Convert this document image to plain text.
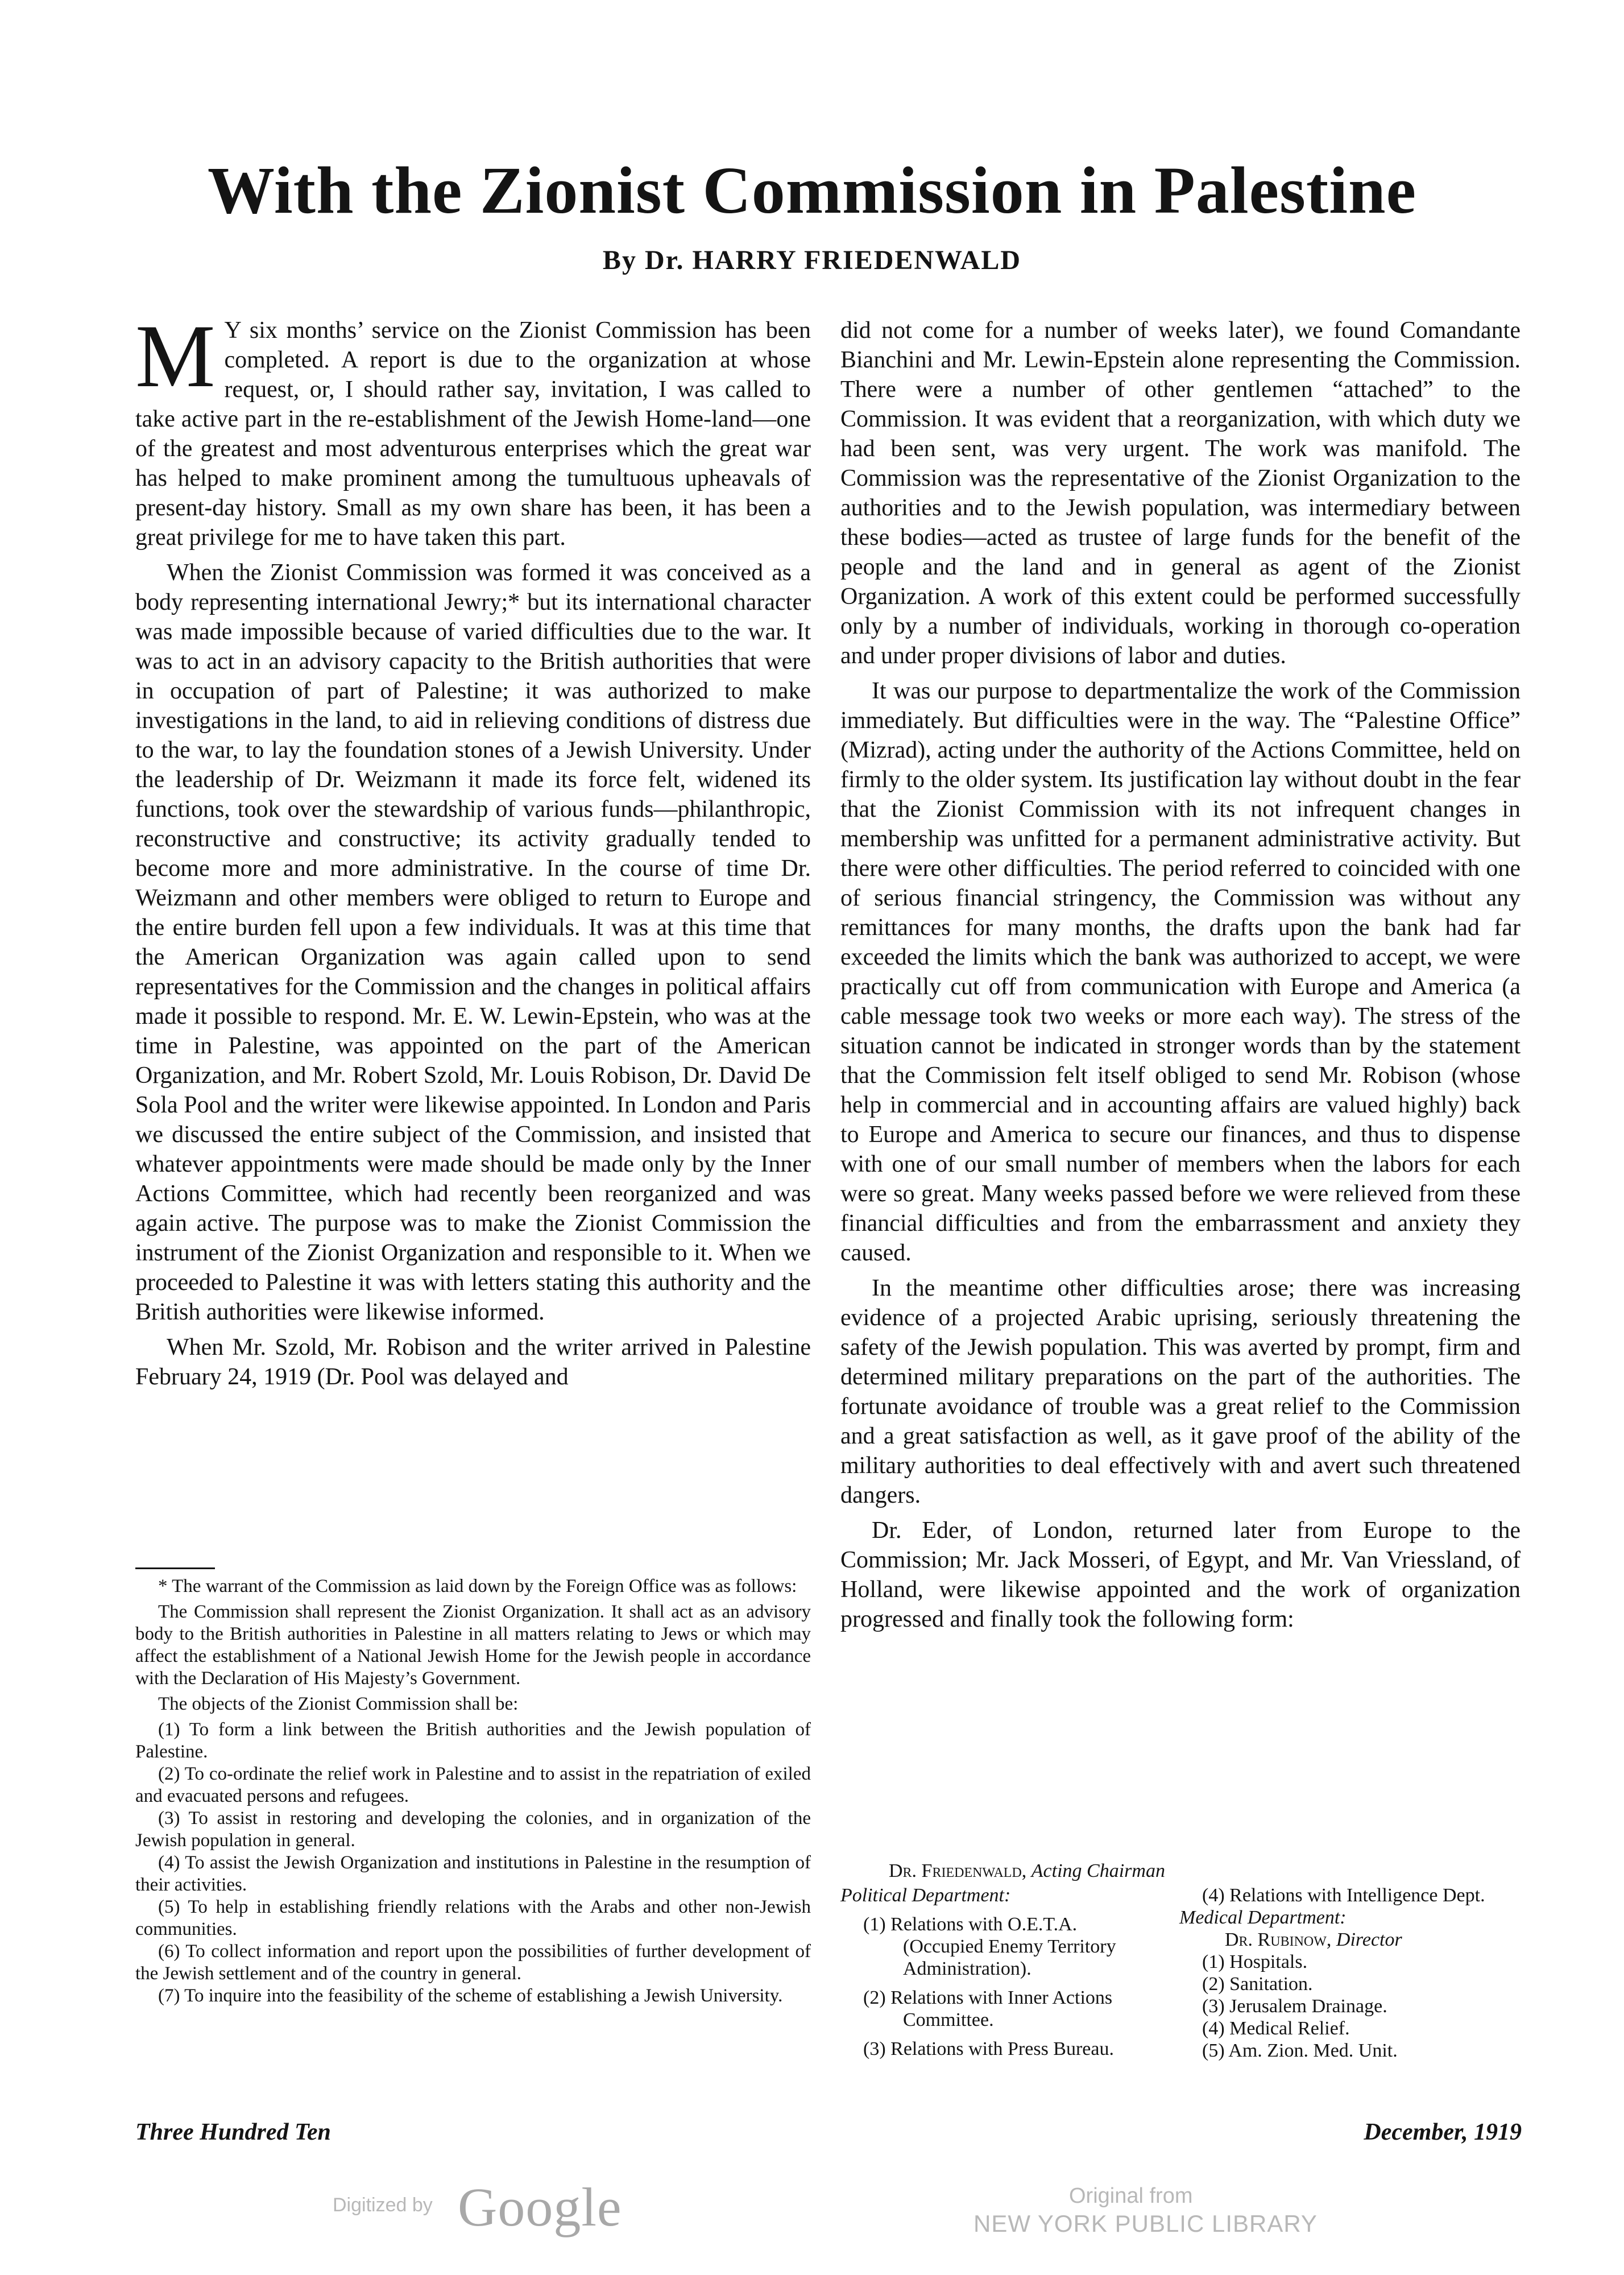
With the Zionist Commission in Palestine
By Dr. HARRY FRIEDENWALD

M Y six months’ service on the Zionist Commission has been completed. A report is due to the organization at whose request, or, I should rather say, invitation, I was called to take active part in the re-establishment of the Jewish Home-land—one of the greatest and most adventurous enterprises which the great war has helped to make prominent among the tumultuous upheavals of present-day history. Small as my own share has been, it has been a great privilege for me to have taken this part.

When the Zionist Commission was formed it was conceived as a body representing international Jewry;* but its international character was made impossible because of varied difficulties due to the war. It was to act in an advisory capacity to the British authorities that were in occupation of part of Palestine; it was authorized to make investigations in the land, to aid in relieving conditions of distress due to the war, to lay the foundation stones of a Jewish University. Under the leadership of Dr. Weizmann it made its force felt, widened its functions, took over the stewardship of various funds—philanthropic, reconstructive and constructive; its activity gradually tended to become more and more administrative. In the course of time Dr. Weizmann and other members were obliged to return to Europe and the entire burden fell upon a few individuals. It was at this time that the American Organization was again called upon to send representatives for the Commission and the changes in political affairs made it possible to respond. Mr. E. W. Lewin-Epstein, who was at the time in Palestine, was appointed on the part of the American Organization, and Mr. Robert Szold, Mr. Louis Robison, Dr. David De Sola Pool and the writer were likewise appointed. In London and Paris we discussed the entire subject of the Commission, and insisted that whatever appointments were made should be made only by the Inner Actions Committee, which had recently been reorganized and was again active. The purpose was to make the Zionist Commission the instrument of the Zionist Organization and responsible to it. When we proceeded to Palestine it was with letters stating this authority and the British authorities were likewise informed.

When Mr. Szold, Mr. Robison and the writer arrived in Palestine February 24, 1919 (Dr. Pool was delayed and

* The warrant of the Commission as laid down by the Foreign Office was as follows:

The Commission shall represent the Zionist Organization. It shall act as an advisory body to the British authorities in Palestine in all matters relating to Jews or which may affect the establishment of a National Jewish Home for the Jewish people in accordance with the Declaration of His Majesty’s Government.

The objects of the Zionist Commission shall be:

(1) To form a link between the British authorities and the Jewish population of Palestine.
(2) To co-ordinate the relief work in Palestine and to assist in the repatriation of exiled and evacuated persons and refugees.
(3) To assist in restoring and developing the colonies, and in organization of the Jewish population in general.
(4) To assist the Jewish Organization and institutions in Palestine in the resumption of their activities.
(5) To help in establishing friendly relations with the Arabs and other non-Jewish communities.
(6) To collect information and report upon the possibilities of further development of the Jewish settlement and of the country in general.
(7) To inquire into the feasibility of the scheme of establishing a Jewish University.

did not come for a number of weeks later), we found Comandante Bianchini and Mr. Lewin-Epstein alone representing the Commission. There were a number of other gentlemen “attached” to the Commission. It was evident that a reorganization, with which duty we had been sent, was very urgent. The work was manifold. The Commission was the representative of the Zionist Organization to the authorities and to the Jewish population, was intermediary between these bodies—acted as trustee of large funds for the benefit of the people and the land and in general as agent of the Zionist Organization. A work of this extent could be performed successfully only by a number of individuals, working in thorough co-operation and under proper divisions of labor and duties.

It was our purpose to departmentalize the work of the Commission immediately. But difficulties were in the way. The “Palestine Office” (Mizrad), acting under the authority of the Actions Committee, held on firmly to the older system. Its justification lay without doubt in the fear that the Zionist Commission with its not infrequent changes in membership was unfitted for a permanent administrative activity. But there were other difficulties. The period referred to coincided with one of serious financial stringency, the Commission was without any remittances for many months, the drafts upon the bank had far exceeded the limits which the bank was authorized to accept, we were practically cut off from communication with Europe and America (a cable message took two weeks or more each way). The stress of the situation cannot be indicated in stronger words than by the statement that the Commission felt itself obliged to send Mr. Robison (whose help in commercial and in accounting affairs are valued highly) back to Europe and America to secure our finances, and thus to dispense with one of our small number of members when the labors for each were so great. Many weeks passed before we were relieved from these financial difficulties and from the embarrassment and anxiety they caused.

In the meantime other difficulties arose; there was increasing evidence of a projected Arabic uprising, seriously threatening the safety of the Jewish population. This was averted by prompt, firm and determined military preparations on the part of the authorities. The fortunate avoidance of trouble was a great relief to the Commission and a great satisfaction as well, as it gave proof of the ability of the military authorities to deal effectively with and avert such threatened dangers.

Dr. Eder, of London, returned later from Europe to the Commission; Mr. Jack Mosseri, of Egypt, and Mr. Van Vriessland, of Holland, were likewise appointed and the work of organization progressed and finally took the following form:

Dr. Friedenwald, Acting Chairman

Political Department:

(1) Relations with O.E.T.A. (Occupied Enemy Territory Administration).
(2) Relations with Inner Actions Committee.
(3) Relations with Press Bureau.
(4) Relations with Intelligence Dept.

Medical Department:

Dr. Rubinow, Director
(1) Hospitals.
(2) Sanitation.
(3) Jerusalem Drainage.
(4) Medical Relief.
(5) Am. Zion. Med. Unit.
Three Hundred Ten	December, 1919
Digitized by Google	Original from
NEW YORK PUBLIC LIBRARY
